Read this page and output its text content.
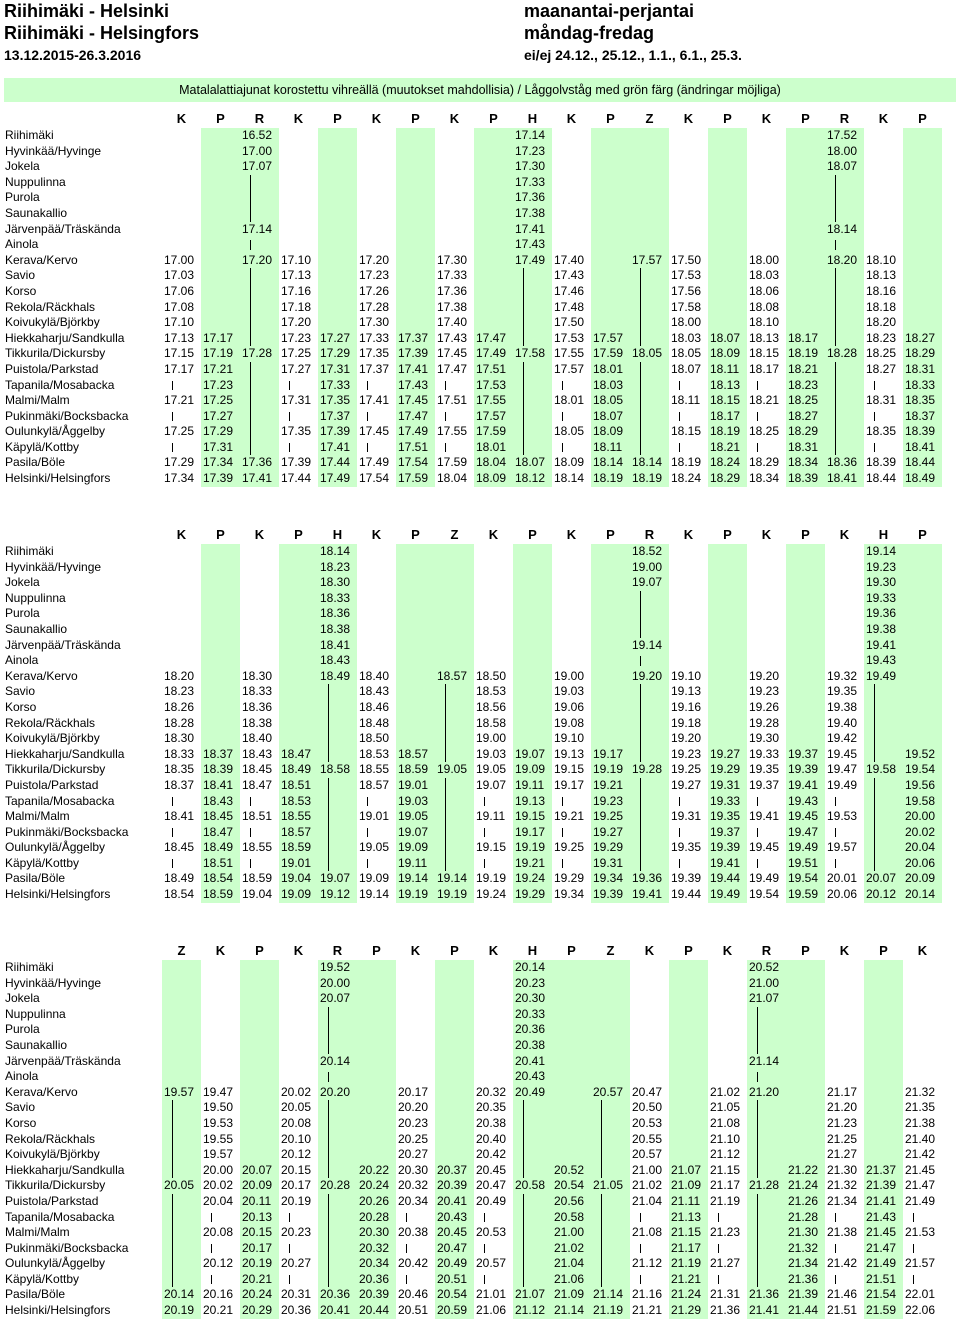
Riihimäki - Helsinki
Riihimäki - Helsingfors
13.12.2015-26.3.2016
maanantai-perjantai
måndag-fredag
ei/ej 24.12., 25.12., 1.1., 6.1., 25.3.
Matalalattiajunat korostettu vihreällä (muutokset mahdollisia) / Låggolvståg med grön färg (ändringar möjliga)
	K	P	R	K	P	K	P	K	P	H	K	P	Z	K	P	K	P	R	K	P
Riihimäki			16.52							17.14								17.52		
Hyvinkää/Hyvinge			17.00							17.23								18.00		
Jokela			17.07							17.30								18.07		
Nuppulinna										17.33										
Purola										17.36										
Saunakallio										17.38										
Järvenpää/Träskända			17.14							17.41								18.14		
Ainola										17.43										
Kerava/Kervo	17.00		17.20	17.10		17.20		17.30		17.49	17.40		17.57	17.50		18.00		18.20	18.10	
Savio	17.03			17.13		17.23		17.33			17.43			17.53		18.03			18.13	
Korso	17.06			17.16		17.26		17.36			17.46			17.56		18.06			18.16	
Rekola/Räckhals	17.08			17.18		17.28		17.38			17.48			17.58		18.08			18.18	
Koivukylä/Björkby	17.10			17.20		17.30		17.40			17.50			18.00		18.10			18.20	
Hiekkaharju/Sandkulla	17.13	17.17		17.23	17.27	17.33	17.37	17.43	17.47		17.53	17.57		18.03	18.07	18.13	18.17		18.23	18.27
Tikkurila/Dickursby	17.15	17.19	17.28	17.25	17.29	17.35	17.39	17.45	17.49	17.58	17.55	17.59	18.05	18.05	18.09	18.15	18.19	18.28	18.25	18.29
Puistola/Parkstad	17.17	17.21		17.27	17.31	17.37	17.41	17.47	17.51		17.57	18.01		18.07	18.11	18.17	18.21		18.27	18.31
Tapanila/Mosabacka		17.23			17.33		17.43		17.53			18.03			18.13		18.23			18.33
Malmi/Malm	17.21	17.25		17.31	17.35	17.41	17.45	17.51	17.55		18.01	18.05		18.11	18.15	18.21	18.25		18.31	18.35
Pukinmäki/Bocksbacka		17.27			17.37		17.47		17.57			18.07			18.17		18.27			18.37
Oulunkylä/Åggelby	17.25	17.29		17.35	17.39	17.45	17.49	17.55	17.59		18.05	18.09		18.15	18.19	18.25	18.29		18.35	18.39
Käpylä/Kottby		17.31			17.41		17.51		18.01			18.11			18.21		18.31			18.41
Pasila/Böle	17.29	17.34	17.36	17.39	17.44	17.49	17.54	17.59	18.04	18.07	18.09	18.14	18.14	18.19	18.24	18.29	18.34	18.36	18.39	18.44
Helsinki/Helsingfors	17.34	17.39	17.41	17.44	17.49	17.54	17.59	18.04	18.09	18.12	18.14	18.19	18.19	18.24	18.29	18.34	18.39	18.41	18.44	18.49
	K	P	K	P	H	K	P	Z	K	P	K	P	R	K	P	K	P	K	H	P
Riihimäki					18.14								18.52						19.14	
Hyvinkää/Hyvinge					18.23								19.00						19.23	
Jokela					18.30								19.07						19.30	
Nuppulinna					18.33														19.33	
Purola					18.36														19.36	
Saunakallio					18.38														19.38	
Järvenpää/Träskända					18.41								19.14						19.41	
Ainola					18.43														19.43	
Kerava/Kervo	18.20		18.30		18.49	18.40		18.57	18.50		19.00		19.20	19.10		19.20		19.32	19.49	
Savio	18.23		18.33			18.43			18.53		19.03			19.13		19.23		19.35		
Korso	18.26		18.36			18.46			18.56		19.06			19.16		19.26		19.38		
Rekola/Räckhals	18.28		18.38			18.48			18.58		19.08			19.18		19.28		19.40		
Koivukylä/Björkby	18.30		18.40			18.50			19.00		19.10			19.20		19.30		19.42		
Hiekkaharju/Sandkulla	18.33	18.37	18.43	18.47		18.53	18.57		19.03	19.07	19.13	19.17		19.23	19.27	19.33	19.37	19.45		19.52
Tikkurila/Dickursby	18.35	18.39	18.45	18.49	18.58	18.55	18.59	19.05	19.05	19.09	19.15	19.19	19.28	19.25	19.29	19.35	19.39	19.47	19.58	19.54
Puistola/Parkstad	18.37	18.41	18.47	18.51		18.57	19.01		19.07	19.11	19.17	19.21		19.27	19.31	19.37	19.41	19.49		19.56
Tapanila/Mosabacka		18.43		18.53			19.03			19.13		19.23			19.33		19.43			19.58
Malmi/Malm	18.41	18.45	18.51	18.55		19.01	19.05		19.11	19.15	19.21	19.25		19.31	19.35	19.41	19.45	19.53		20.00
Pukinmäki/Bocksbacka		18.47		18.57			19.07			19.17		19.27			19.37		19.47			20.02
Oulunkylä/Åggelby	18.45	18.49	18.55	18.59		19.05	19.09		19.15	19.19	19.25	19.29		19.35	19.39	19.45	19.49	19.57		20.04
Käpylä/Kottby		18.51		19.01			19.11			19.21		19.31			19.41		19.51			20.06
Pasila/Böle	18.49	18.54	18.59	19.04	19.07	19.09	19.14	19.14	19.19	19.24	19.29	19.34	19.36	19.39	19.44	19.49	19.54	20.01	20.07	20.09
Helsinki/Helsingfors	18.54	18.59	19.04	19.09	19.12	19.14	19.19	19.19	19.24	19.29	19.34	19.39	19.41	19.44	19.49	19.54	19.59	20.06	20.12	20.14
	Z	K	P	K	R	P	K	P	K	H	P	Z	K	P	K	R	P	K	P	K
Riihimäki					19.52					20.14						20.52				
Hyvinkää/Hyvinge					20.00					20.23						21.00				
Jokela					20.07					20.30						21.07				
Nuppulinna										20.33										
Purola										20.36										
Saunakallio										20.38										
Järvenpää/Träskända					20.14					20.41						21.14				
Ainola										20.43										
Kerava/Kervo	19.57	19.47		20.02	20.20		20.17		20.32	20.49		20.57	20.47		21.02	21.20		21.17		21.32
Savio		19.50		20.05			20.20		20.35				20.50		21.05			21.20		21.35
Korso		19.53		20.08			20.23		20.38				20.53		21.08			21.23		21.38
Rekola/Räckhals		19.55		20.10			20.25		20.40				20.55		21.10			21.25		21.40
Koivukylä/Björkby		19.57		20.12			20.27		20.42				20.57		21.12			21.27		21.42
Hiekkaharju/Sandkulla		20.00	20.07	20.15		20.22	20.30	20.37	20.45		20.52		21.00	21.07	21.15		21.22	21.30	21.37	21.45
Tikkurila/Dickursby	20.05	20.02	20.09	20.17	20.28	20.24	20.32	20.39	20.47	20.58	20.54	21.05	21.02	21.09	21.17	21.28	21.24	21.32	21.39	21.47
Puistola/Parkstad		20.04	20.11	20.19		20.26	20.34	20.41	20.49		20.56		21.04	21.11	21.19		21.26	21.34	21.41	21.49
Tapanila/Mosabacka			20.13			20.28		20.43			20.58			21.13			21.28		21.43	
Malmi/Malm		20.08	20.15	20.23		20.30	20.38	20.45	20.53		21.00		21.08	21.15	21.23		21.30	21.38	21.45	21.53
Pukinmäki/Bocksbacka			20.17			20.32		20.47			21.02			21.17			21.32		21.47	
Oulunkylä/Åggelby		20.12	20.19	20.27		20.34	20.42	20.49	20.57		21.04		21.12	21.19	21.27		21.34	21.42	21.49	21.57
Käpylä/Kottby			20.21			20.36		20.51			21.06			21.21			21.36		21.51	
Pasila/Böle	20.14	20.16	20.24	20.31	20.36	20.39	20.46	20.54	21.01	21.07	21.09	21.14	21.16	21.24	21.31	21.36	21.39	21.46	21.54	22.01
Helsinki/Helsingfors	20.19	20.21	20.29	20.36	20.41	20.44	20.51	20.59	21.06	21.12	21.14	21.19	21.21	21.29	21.36	21.41	21.44	21.51	21.59	22.06
